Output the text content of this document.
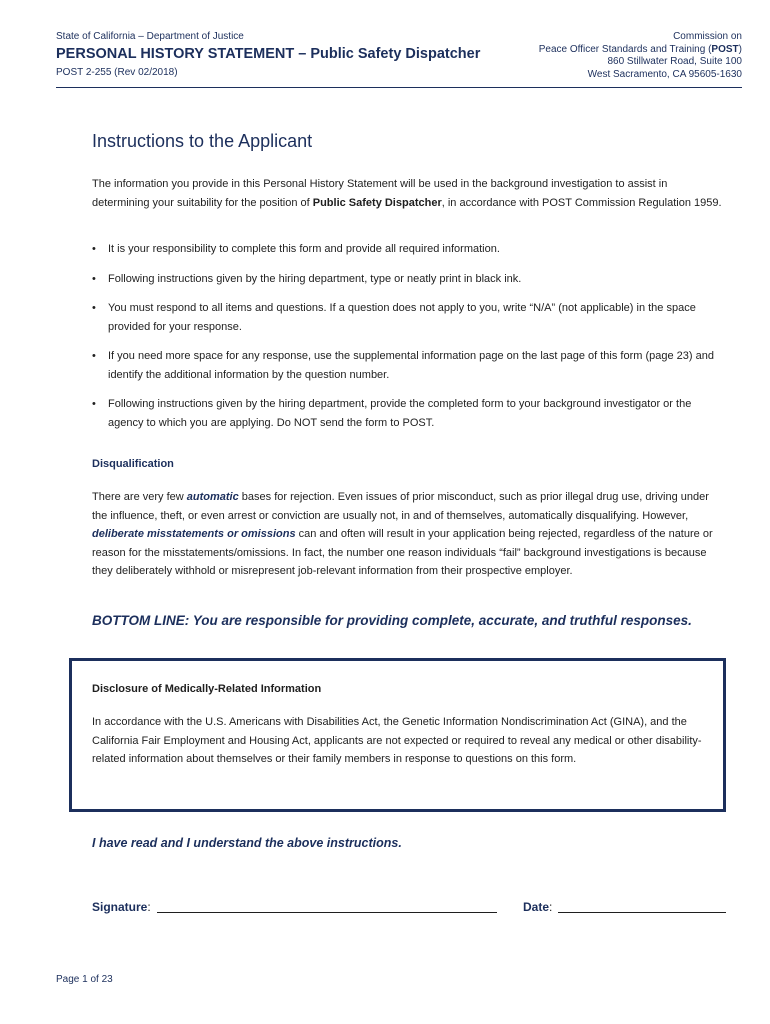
State of California – Department of Justice
PERSONAL HISTORY STATEMENT – Public Safety Dispatcher
POST 2-255 (Rev 02/2018)
Commission on
Peace Officer Standards and Training (POST)
860 Stillwater Road, Suite 100
West Sacramento, CA 95605-1630
Instructions to the Applicant
The information you provide in this Personal History Statement will be used in the background investigation to assist in determining your suitability for the position of Public Safety Dispatcher, in accordance with POST Commission Regulation 1959.
• It is your responsibility to complete this form and provide all required information.
• Following instructions given by the hiring department, type or neatly print in black ink.
• You must respond to all items and questions. If a question does not apply to you, write “N/A” (not applicable) in the space provided for your response.
• If you need more space for any response, use the supplemental information page on the last page of this form (page 23) and identify the additional information by the question number.
• Following instructions given by the hiring department, provide the completed form to your background investigator or the agency to which you are applying. Do NOT send the form to POST.
Disqualification
There are very few automatic bases for rejection. Even issues of prior misconduct, such as prior illegal drug use, driving under the influence, theft, or even arrest or conviction are usually not, in and of themselves, automatically disqualifying. However, deliberate misstatements or omissions can and often will result in your application being rejected, regardless of the nature or reason for the misstatements/omissions. In fact, the number one reason individuals “fail” background investigations is because they deliberately withhold or misrepresent job-relevant information from their prospective employer.
BOTTOM LINE: You are responsible for providing complete, accurate, and truthful responses.
Disclosure of Medically-Related Information
In accordance with the U.S. Americans with Disabilities Act, the Genetic Information Nondiscrimination Act (GINA), and the California Fair Employment and Housing Act, applicants are not expected or required to reveal any medical or other disability-related information about themselves or their family members in response to questions on this form.
I have read and I understand the above instructions.
Signature:	Date:
Page 1 of 23
